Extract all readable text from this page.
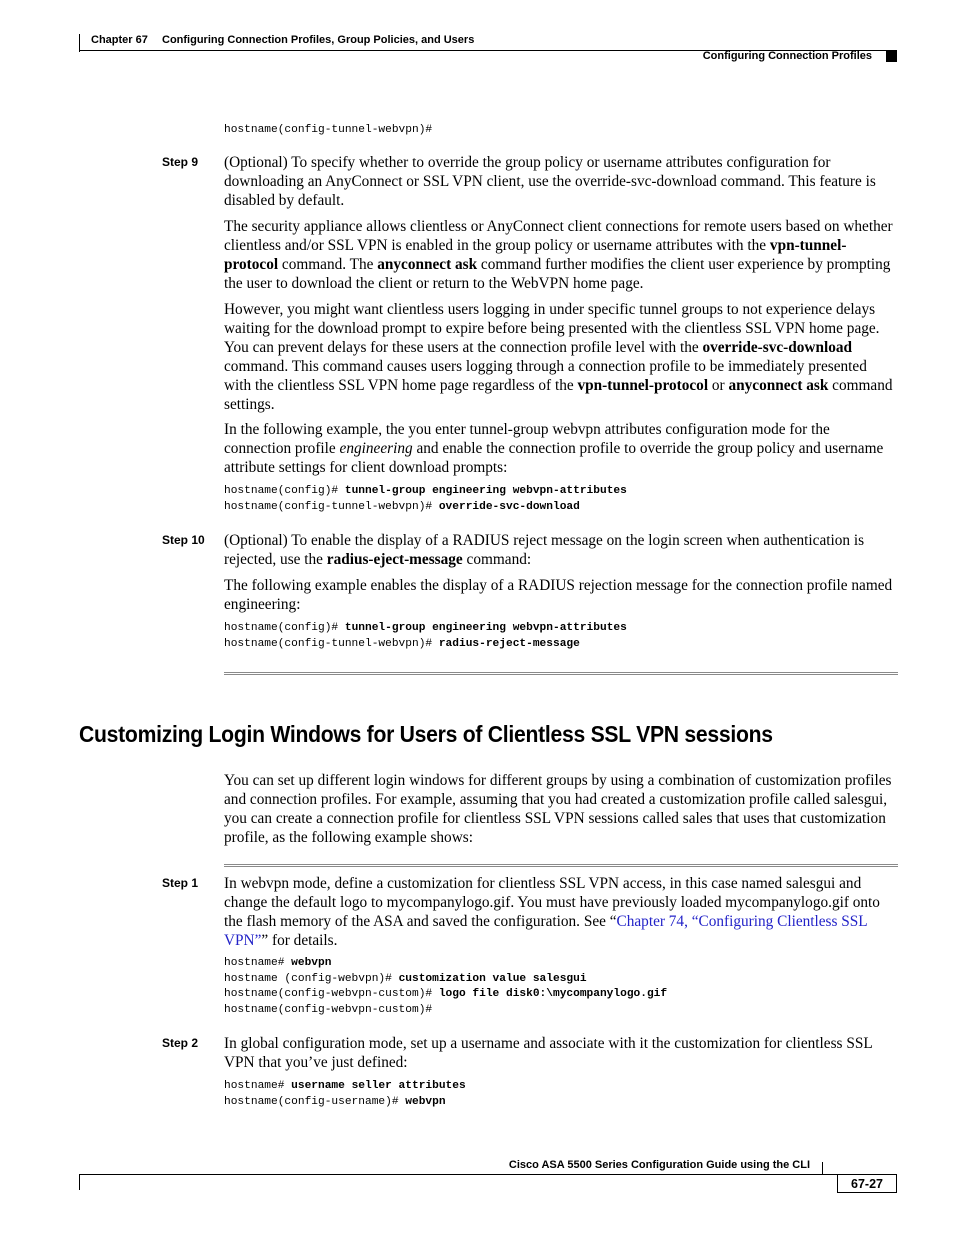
Chapter 67 Configuring Connection Profiles, Group Policies, and Users
Configuring Connection Profiles
hostname(config-tunnel-webvpn)#
Step 9 (Optional) To specify whether to override the group policy or username attributes configuration for downloading an AnyConnect or SSL VPN client, use the override-svc-download command. This feature is disabled by default.

The security appliance allows clientless or AnyConnect client connections for remote users based on whether clientless and/or SSL VPN is enabled in the group policy or username attributes with the vpn-tunnel-protocol command. The anyconnect ask command further modifies the client user experience by prompting the user to download the client or return to the WebVPN home page.

However, you might want clientless users logging in under specific tunnel groups to not experience delays waiting for the download prompt to expire before being presented with the clientless SSL VPN home page. You can prevent delays for these users at the connection profile level with the override-svc-download command. This command causes users logging through a connection profile to be immediately presented with the clientless SSL VPN home page regardless of the vpn-tunnel-protocol or anyconnect ask command settings.

In the following example, the you enter tunnel-group webvpn attributes configuration mode for the connection profile engineering and enable the connection profile to override the group policy and username attribute settings for client download prompts:

hostname(config)# tunnel-group engineering webvpn-attributes
hostname(config-tunnel-webvpn)# override-svc-download
Step 10 (Optional) To enable the display of a RADIUS reject message on the login screen when authentication is rejected, use the radius-eject-message command:

The following example enables the display of a RADIUS rejection message for the connection profile named engineering:

hostname(config)# tunnel-group engineering webvpn-attributes
hostname(config-tunnel-webvpn)# radius-reject-message
Customizing Login Windows for Users of Clientless SSL VPN sessions

You can set up different login windows for different groups by using a combination of customization profiles and connection profiles. For example, assuming that you had created a customization profile called salesgui, you can create a connection profile for clientless SSL VPN sessions called sales that uses that customization profile, as the following example shows:

Step 1 In webvpn mode, define a customization for clientless SSL VPN access, in this case named salesgui and change the default logo to mycompanylogo.gif. You must have previously loaded mycompanylogo.gif onto the flash memory of the ASA and saved the configuration. See “Chapter 74, “Configuring Clientless SSL VPN”” for details.

hostname# webvpn
hostname (config-webvpn)# customization value salesgui
hostname(config-webvpn-custom)# logo file disk0:\mycompanylogo.gif
hostname(config-webvpn-custom)#
Step 2 In global configuration mode, set up a username and associate with it the customization for clientless SSL VPN that you’ve just defined:

hostname# username seller attributes
hostname(config-username)# webvpn
Cisco ASA 5500 Series Configuration Guide using the CLI
67-27
